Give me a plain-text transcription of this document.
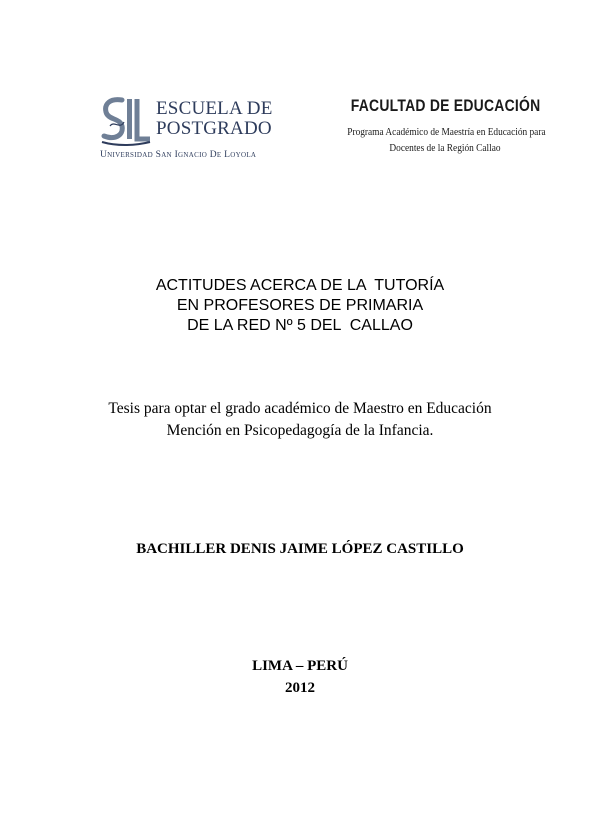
ESCUELA DE
POSTGRADO
Universidad San Ignacio De Loyola
FACULTAD DE EDUCACIÓN
Programa Académico de Maestría en Educación para
Docentes de la Región Callao
ACTITUDES ACERCA DE LA  TUTORÍA
EN PROFESORES DE PRIMARIA
DE LA RED Nº 5 DEL  CALLAO
Tesis para optar el grado académico de Maestro en Educación
Mención en Psicopedagogía de la Infancia.
BACHILLER DENIS JAIME LÓPEZ CASTILLO
LIMA – PERÚ
2012
